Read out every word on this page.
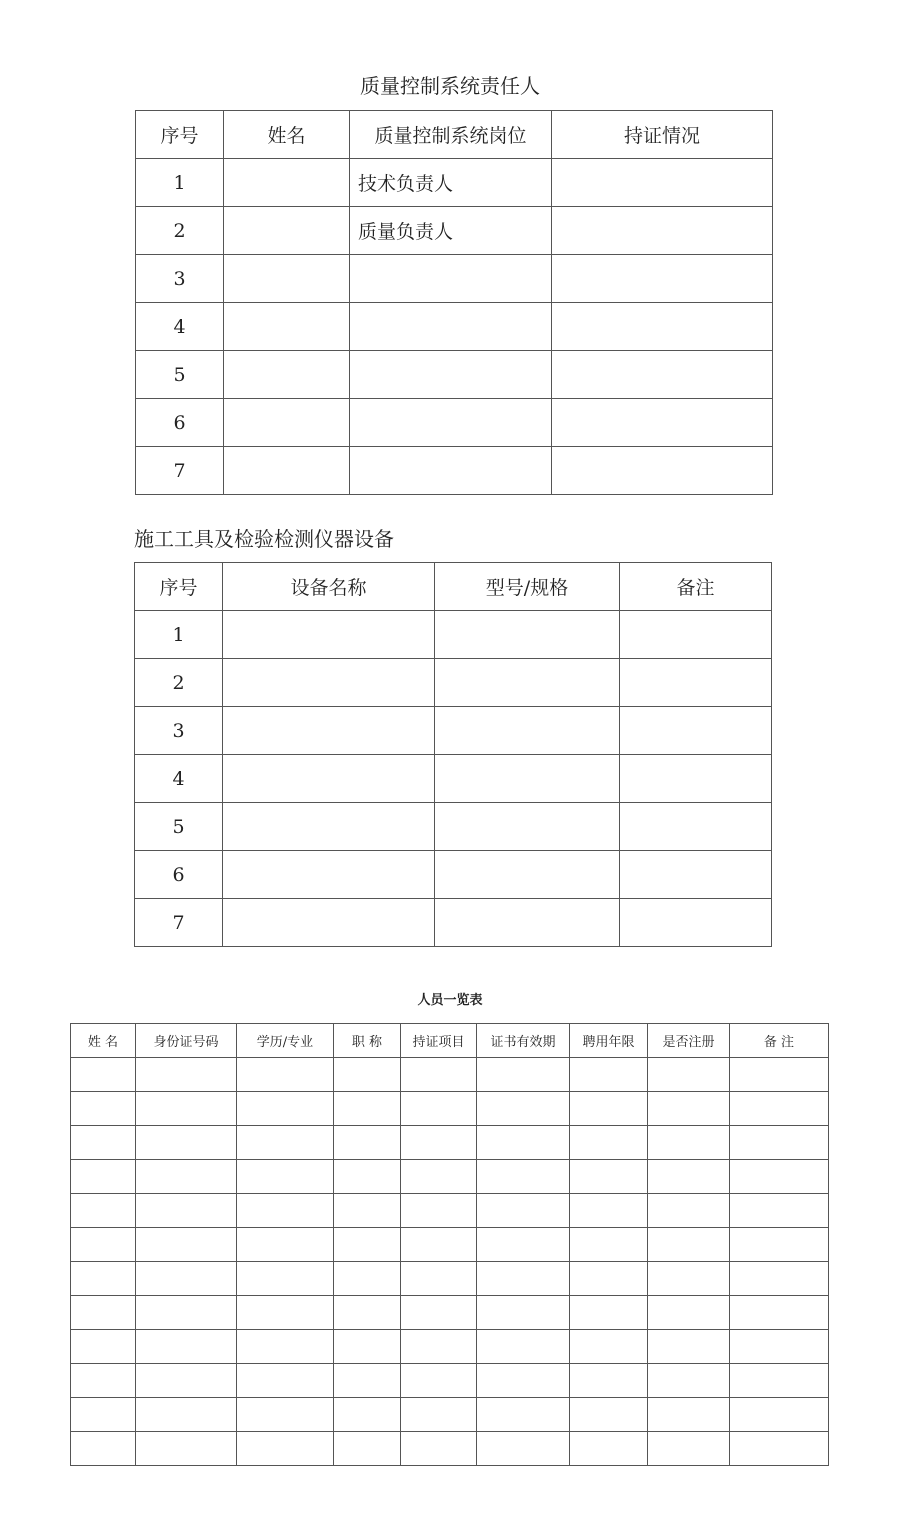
质量控制系统责任人
序号	姓名	质量控制系统岗位	持证情况
1		技术负责人	
2		质量负责人	
3			
4			
5			
6			
7			
施工工具及检验检测仪器设备
序号	设备名称	型号/规格	备注
1			
2			
3			
4			
5			
6			
7			
人员一览表
姓 名	身份证号码	学历/专业	职 称	持证项目	证书有效期	聘用年限	是否注册	备 注
